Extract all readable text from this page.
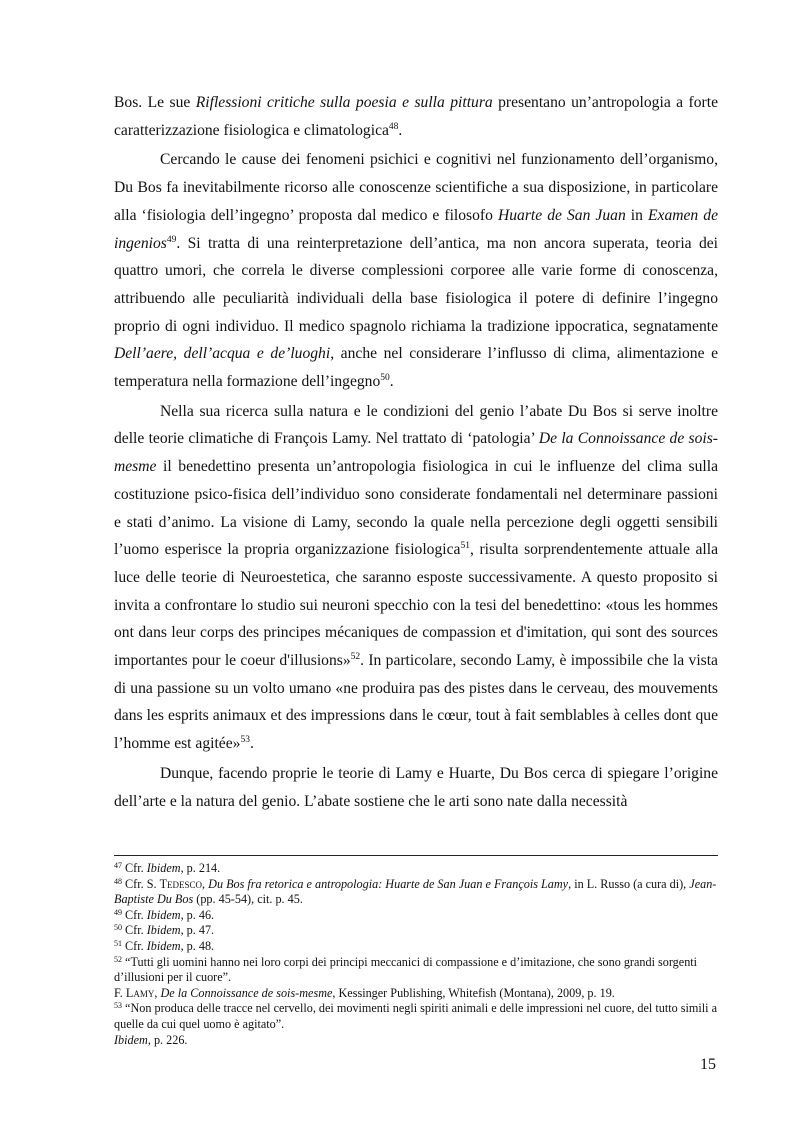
Bos. Le sue Riflessioni critiche sulla poesia e sulla pittura presentano un’antropologia a forte caratterizzazione fisiologica e climatologica$^{48}$.

Cercando le cause dei fenomeni psichici e cognitivi nel funzionamento dell’organismo, Du Bos fa inevitabilmente ricorso alle conoscenze scientifiche a sua disposizione, in particolare alla ‘fisiologia dell’ingegno’ proposta dal medico e filosofo Huarte de San Juan in Examen de ingenios$^{49}$. Si tratta di una reinterpretazione dell’antica, ma non ancora superata, teoria dei quattro umori, che correla le diverse complessioni corporee alle varie forme di conoscenza, attribuendo alle peculiarità individuali della base fisiologica il potere di definire l’ingegno proprio di ogni individuo. Il medico spagnolo richiama la tradizione ippocratica, segnatamente Dell’aere, dell’acqua e de’luoghi, anche nel considerare l’influsso di clima, alimentazione e temperatura nella formazione dell’ingegno$^{50}$.

Nella sua ricerca sulla natura e le condizioni del genio l’abate Du Bos si serve inoltre delle teorie climatiche di François Lamy. Nel trattato di ‘patologia’ De la Connoissance de sois-mesme il benedettino presenta un’antropologia fisiologica in cui le influenze del clima sulla costituzione psico-fisica dell’individuo sono considerate fondamentali nel determinare passioni e stati d’animo. La visione di Lamy, secondo la quale nella percezione degli oggetti sensibili l’uomo esperisce la propria organizzazione fisiologica$^{51}$, risulta sorprendentemente attuale alla luce delle teorie di Neuroestetica, che saranno esposte successivamente. A questo proposito si invita a confrontare lo studio sui neuroni specchio con la tesi del benedettino: «tous les hommes ont dans leur corps des principes mécaniques de compassion et d'imitation, qui sont des sources importantes pour le coeur d'illusions»$^{52}$. In particolare, secondo Lamy, è impossibile che la vista di una passione su un volto umano «ne produira pas des pistes dans le cerveau, des mouvements dans les esprits animaux et des impressions dans le cœur, tout à fait semblables à celles dont que l’homme est agitée»$^{53}$.

Dunque, facendo proprie le teorie di Lamy e Huarte, Du Bos cerca di spiegare l’origine dell’arte e la natura del genio. L’abate sostiene che le arti sono nate dalla necessità

$^{47}$ Cfr. Ibidem, p. 214.

$^{48}$ Cfr. S. Tedesco, Du Bos fra retorica e antropologia: Huarte de San Juan e François Lamy, in L. Russo (a cura di), Jean-Baptiste Du Bos (pp. 45-54), cit. p. 45.

$^{49}$ Cfr. Ibidem, p. 46.

$^{50}$ Cfr. Ibidem, p. 47.

$^{51}$ Cfr. Ibidem, p. 48.

$^{52}$ “Tutti gli uomini hanno nei loro corpi dei principi meccanici di compassione e d’imitazione, che sono grandi sorgenti d’illusioni per il cuore”.

F. Lamy, De la Connoissance de sois-mesme, Kessinger Publishing, Whitefish (Montana), 2009, p. 19.

$^{53}$ “Non produca delle tracce nel cervello, dei movimenti negli spiriti animali e delle impressioni nel cuore, del tutto simili a quelle da cui quel uomo è agitato”.

Ibidem, p. 226.

15
